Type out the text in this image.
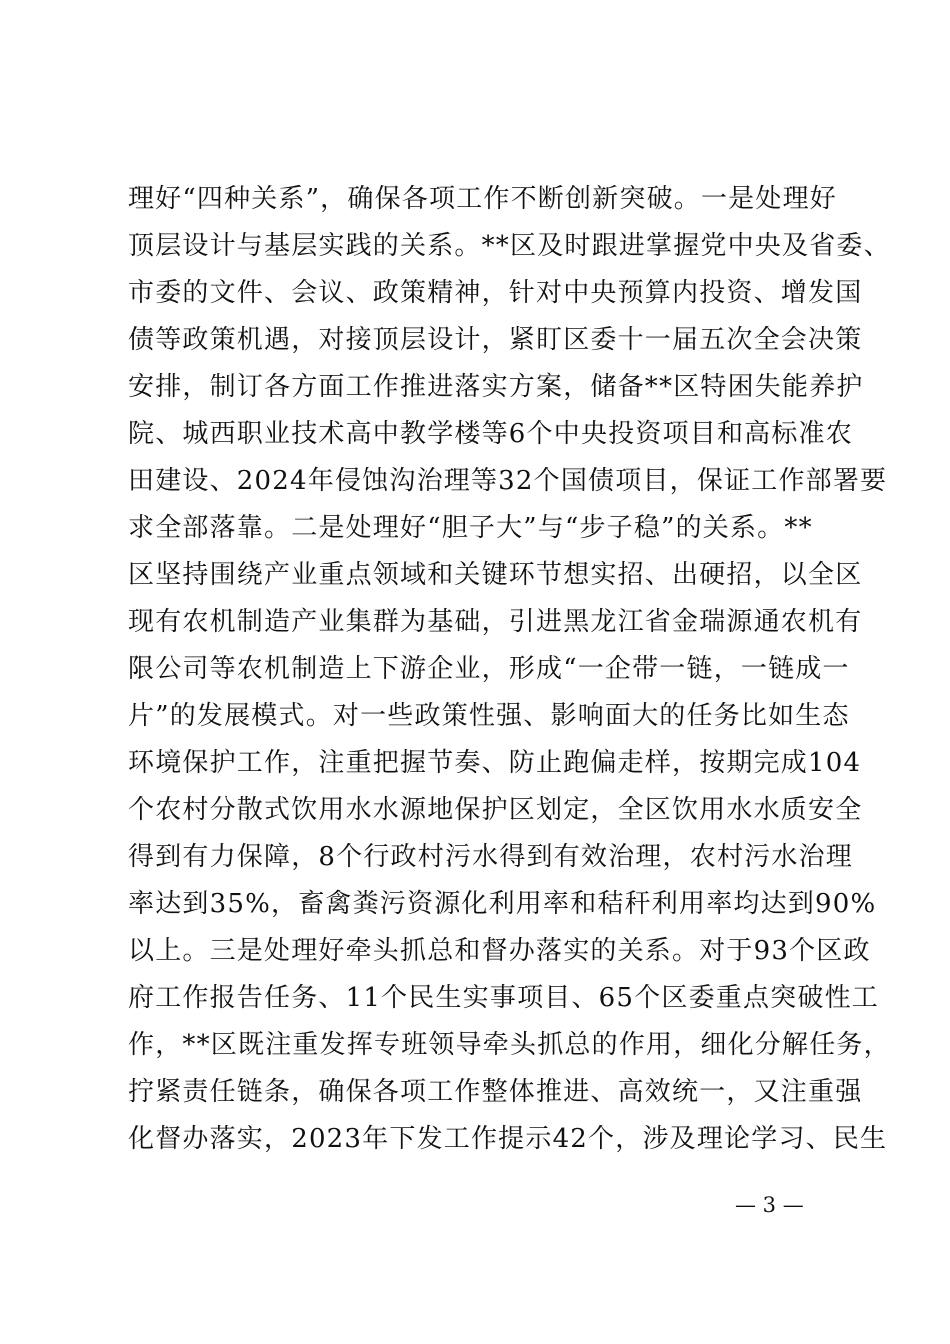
理好“四种关系”，确保各项工作不断创新突破。一是处理好
顶层设计与基层实践的关系。**区及时跟进掌握党中央及省委、
市委的文件、会议、政策精神，针对中央预算内投资、增发国
债等政策机遇，对接顶层设计，紧盯区委十一届五次全会决策
安排，制订各方面工作推进落实方案，储备**区特困失能养护
院、城西职业技术高中教学楼等6个中央投资项目和高标准农
田建设、2024年侵蚀沟治理等32个国债项目，保证工作部署要
求全部落靠。二是处理好“胆子大”与“步子稳”的关系。**
区坚持围绕产业重点领域和关键环节想实招、出硬招，以全区
现有农机制造产业集群为基础，引进黑龙江省金瑞源通农机有
限公司等农机制造上下游企业，形成“一企带一链，一链成一
片”的发展模式。对一些政策性强、影响面大的任务比如生态
环境保护工作，注重把握节奏、防止跑偏走样，按期完成104
个农村分散式饮用水水源地保护区划定，全区饮用水水质安全
得到有力保障，8个行政村污水得到有效治理，农村污水治理
率达到35%，畜禽粪污资源化利用率和秸秆利用率均达到90%
以上。三是处理好牵头抓总和督办落实的关系。对于93个区政
府工作报告任务、11个民生实事项目、65个区委重点突破性工
作，**区既注重发挥专班领导牵头抓总的作用，细化分解任务，
拧紧责任链条，确保各项工作整体推进、高效统一，又注重强
化督办落实，2023年下发工作提示42个，涉及理论学习、民生
— 3 —
